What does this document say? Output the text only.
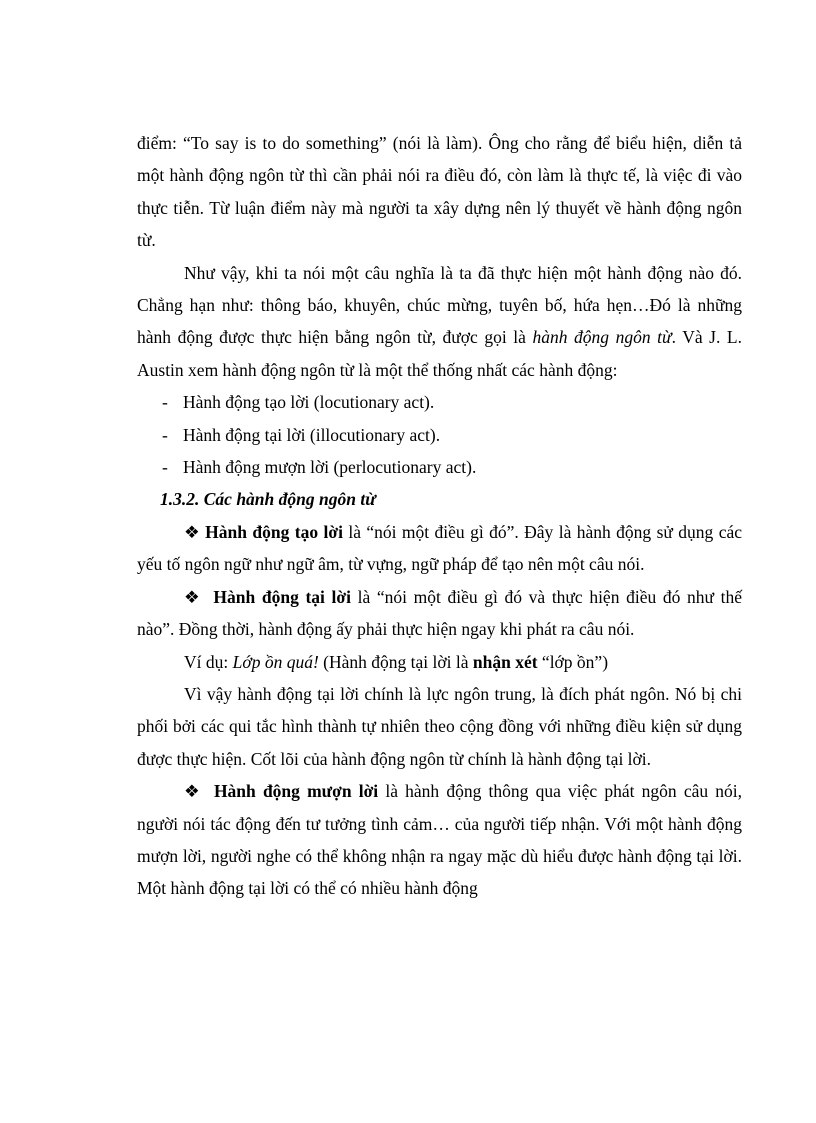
điểm: “To say is to do something” (nói là làm). Ông cho rằng để biểu hiện, diễn tả một hành động ngôn từ thì cần phải nói ra điều đó, còn làm là thực tế, là việc đi vào thực tiễn. Từ luận điểm này mà người ta xây dựng nên lý thuyết về hành động ngôn từ.

Như vậy, khi ta nói một câu nghĩa là ta đã thực hiện một hành động nào đó. Chẳng hạn như: thông báo, khuyên, chúc mừng, tuyên bố, hứa hẹn…Đó là những hành động được thực hiện bằng ngôn từ, được gọi là hành động ngôn từ. Và J. L. Austin xem hành động ngôn từ là một thể thống nhất các hành động:

- Hành động tạo lời (locutionary act).

- Hành động tại lời (illocutionary act).

- Hành động mượn lời (perlocutionary act).

1.3.2. Các hành động ngôn từ

❖ Hành động tạo lời là “nói một điều gì đó”. Đây là hành động sử dụng các yếu tố ngôn ngữ như ngữ âm, từ vựng, ngữ pháp để tạo nên một câu nói.

❖ Hành động tại lời là “nói một điều gì đó và thực hiện điều đó như thế nào”. Đồng thời, hành động ấy phải thực hiện ngay khi phát ra câu nói.

Ví dụ: Lớp ồn quá! (Hành động tại lời là nhận xét “lớp ồn”)

Vì vậy hành động tại lời chính là lực ngôn trung, là đích phát ngôn. Nó bị chi phối bởi các qui tắc hình thành tự nhiên theo cộng đồng với những điều kiện sử dụng được thực hiện. Cốt lõi của hành động ngôn từ chính là hành động tại lời.

❖ Hành động mượn lời là hành động thông qua việc phát ngôn câu nói, người nói tác động đến tư tưởng tình cảm… của người tiếp nhận. Với một hành động mượn lời, người nghe có thể không nhận ra ngay mặc dù hiểu được hành động tại lời. Một hành động tại lời có thể có nhiều hành động
